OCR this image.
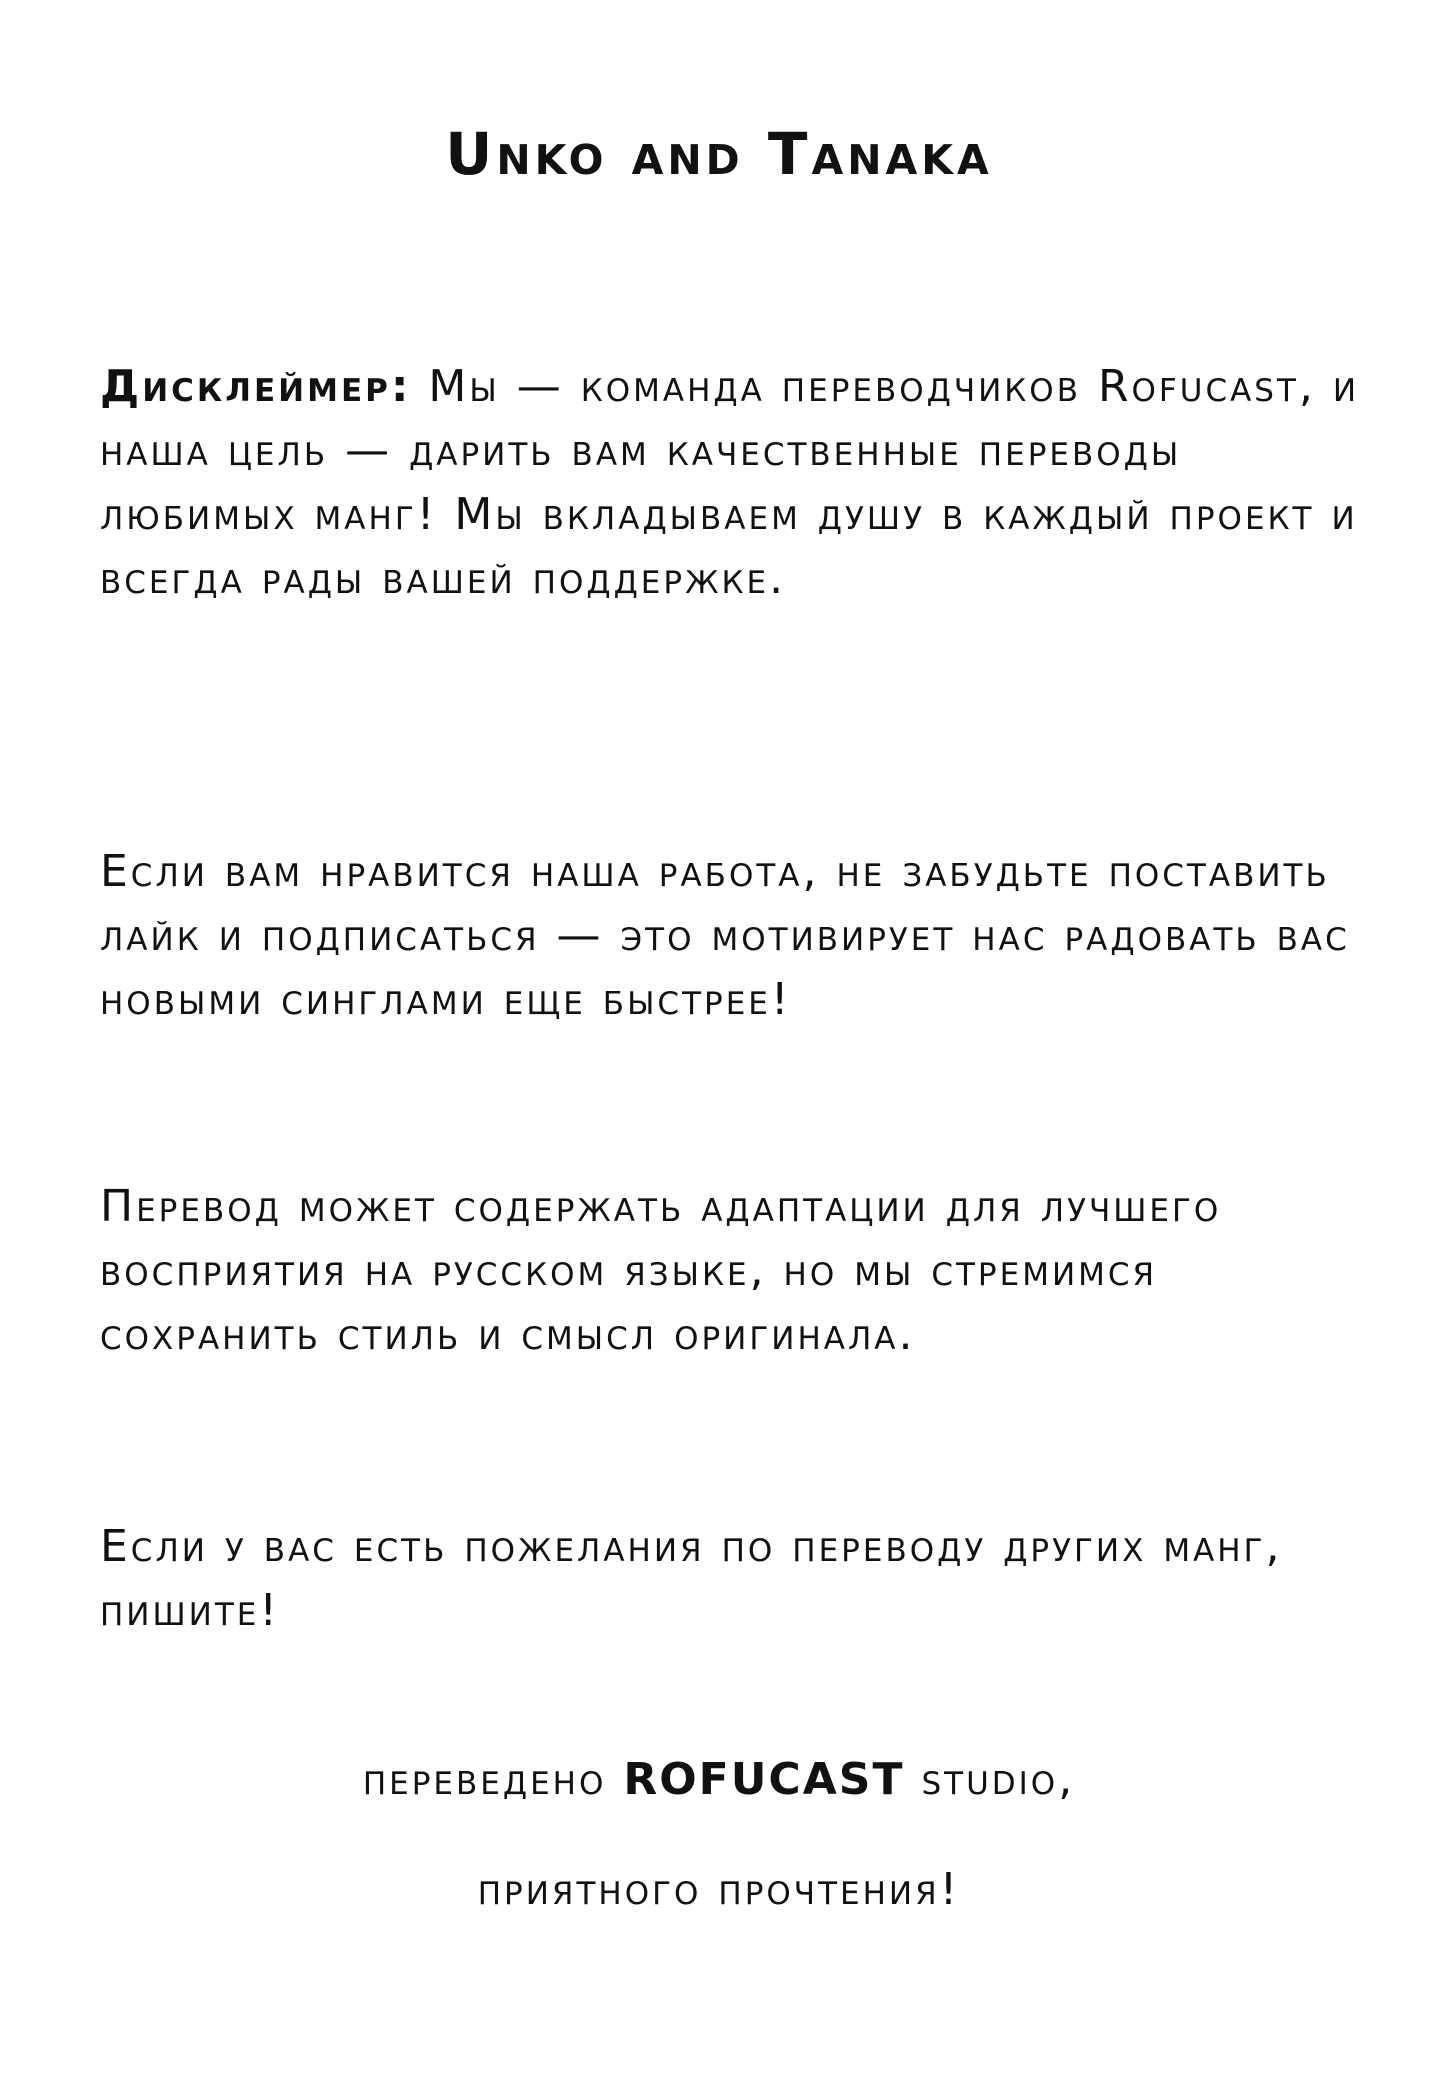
Unko and Tanaka

Дисклеймер: Мы — команда переводчиков Rofucast, и наша цель — дарить вам качественные переводы любимых манг! Мы вкладываем душу в каждый проект и всегда рады вашей поддержке.

Если вам нравится наша работа, не забудьте поставить лайк и подписаться — это мотивирует нас радовать вас новыми синглами еще быстрее!

Перевод может содержать адаптации для лучшего восприятия на русском языке, но мы стремимся сохранить стиль и смысл оригинала.

Если у вас есть пожелания по переводу других манг, пишите!

переведено ROFUCAST studio,
приятного прочтения!
